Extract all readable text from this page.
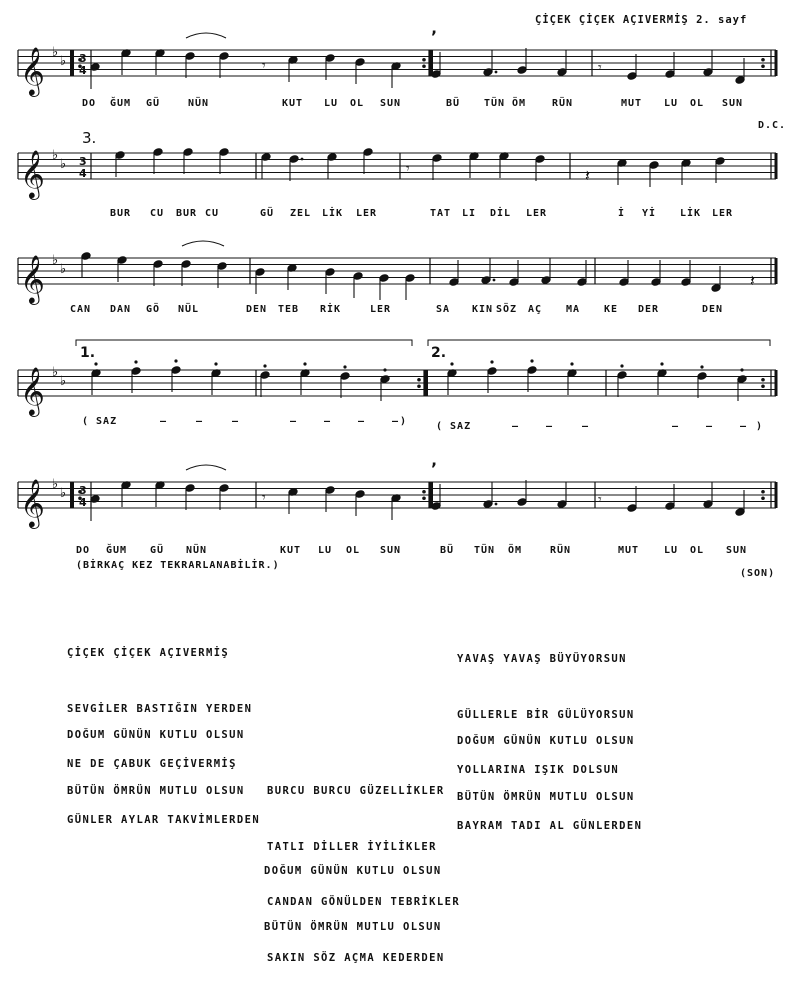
ÇİÇEK ÇİÇEK AÇIVERMİŞ 2. sayf
𝄞 ♭
♭
𝄞 ♭
♭
𝄞 ♭
♭
𝄞 ♭
♭
𝄞 ♭
♭
3
4
3
4
3
4
𝄾	𝄾
’
3.
𝄾	𝄽
𝄽
1.	2.
𝄾	𝄾
’
DO ĞUM GÜ	NÜN	KUT LU OL SUN	BÜ TÜN ÖM	RÜN	MUT LU OL SUN
D.C.
BUR CU BUR CU	GÜ ZEL LİK LER	TAT LI DİL LER	İ Yİ LİK LER
CAN DAN GÖ NÜL	DEN TEB RİK	LER	SA KIN SÖZ AÇ MA KE DER	DEN
( SAZ	–	–	–	–	–	–	– )	( SAZ	–	–	–	–	–	– )
DO ĞUM GÜ NÜN	KUT LU OL SUN	BÜ TÜN ÖM	RÜN	MUT LU OL SUN
(BİRKAÇ KEZ TEKRARLANABİLİR.)
(SON)

ÇİÇEK ÇİÇEK AÇIVERMİŞ

SEVGİLER BASTIĞIN YERDEN

NE DE ÇABUK GEÇİVERMİŞ

GÜNLER AYLAR TAKVİMLERDEN

DOĞUM GÜNÜN KUTLU OLSUN

BÜTÜN ÖMRÜN MUTLU OLSUN

YAVAŞ YAVAŞ BÜYÜYORSUN

GÜLLERLE BİR GÜLÜYORSUN

YOLLARINA IŞIK DOLSUN

BAYRAM TADI AL GÜNLERDEN

DOĞUM GÜNÜN KUTLU OLSUN

BÜTÜN ÖMRÜN MUTLU OLSUN

BURCU BURCU GÜZELLİKLER

TATLI DİLLER İYİLİKLER

CANDAN GÖNÜLDEN TEBRİKLER

SAKIN SÖZ AÇMA KEDERDEN

DOĞUM GÜNÜN KUTLU OLSUN

BÜTÜN ÖMRÜN MUTLU OLSUN
